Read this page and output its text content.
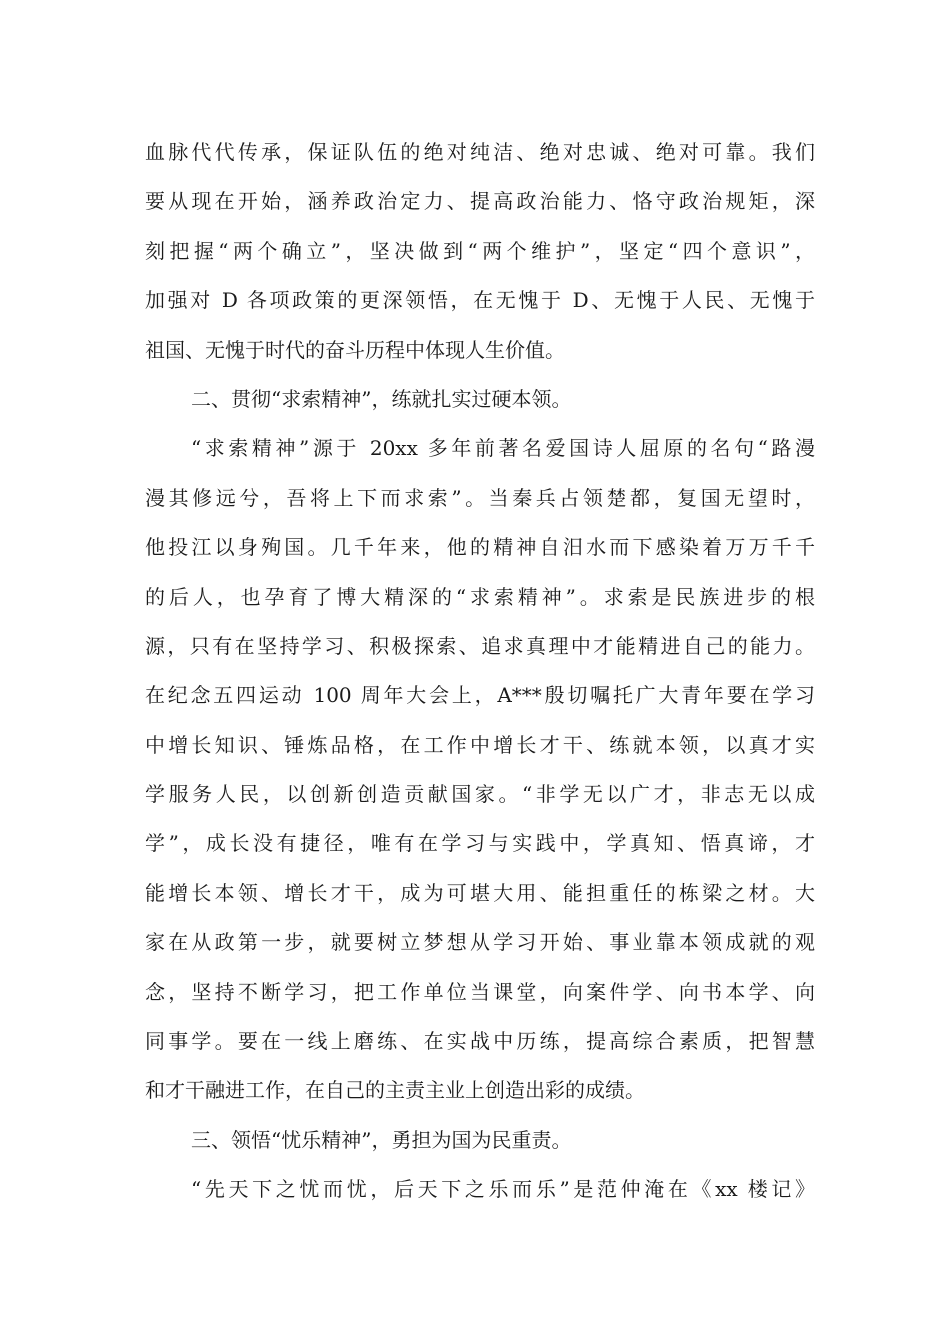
血脉代代传承，保证队伍的绝对纯洁、绝对忠诚、绝对可靠。我们
要从现在开始，涵养政治定力、提高政治能力、恪守政治规矩，深
刻把握“两个确立”，坚决做到“两个维护”，坚定“四个意识”，
加强对 D 各项政策的更深领悟，在无愧于 D、无愧于人民、无愧于
祖国、无愧于时代的奋斗历程中体现人生价值。
二、贯彻“求索精神”，练就扎实过硬本领。
“求索精神”源于 20xx 多年前著名爱国诗人屈原的名句“路漫
漫其修远兮，吾将上下而求索”。当秦兵占领楚都，复国无望时，
他投江以身殉国。几千年来，他的精神自汨水而下感染着万万千千
的后人，也孕育了博大精深的“求索精神”。求索是民族进步的根
源，只有在坚持学习、积极探索、追求真理中才能精进自己的能力。
在纪念五四运动 100 周年大会上，A***殷切嘱托广大青年要在学习
中增长知识、锤炼品格，在工作中增长才干、练就本领，以真才实
学服务人民，以创新创造贡献国家。“非学无以广才，非志无以成
学”，成长没有捷径，唯有在学习与实践中，学真知、悟真谛，才
能增长本领、增长才干，成为可堪大用、能担重任的栋梁之材。大
家在从政第一步，就要树立梦想从学习开始、事业靠本领成就的观
念，坚持不断学习，把工作单位当课堂，向案件学、向书本学、向
同事学。要在一线上磨练、在实战中历练，提高综合素质，把智慧
和才干融进工作，在自己的主责主业上创造出彩的成绩。
三、领悟“忧乐精神”，勇担为国为民重责。
“先天下之忧而忧，后天下之乐而乐”是范仲淹在《xx 楼记》
